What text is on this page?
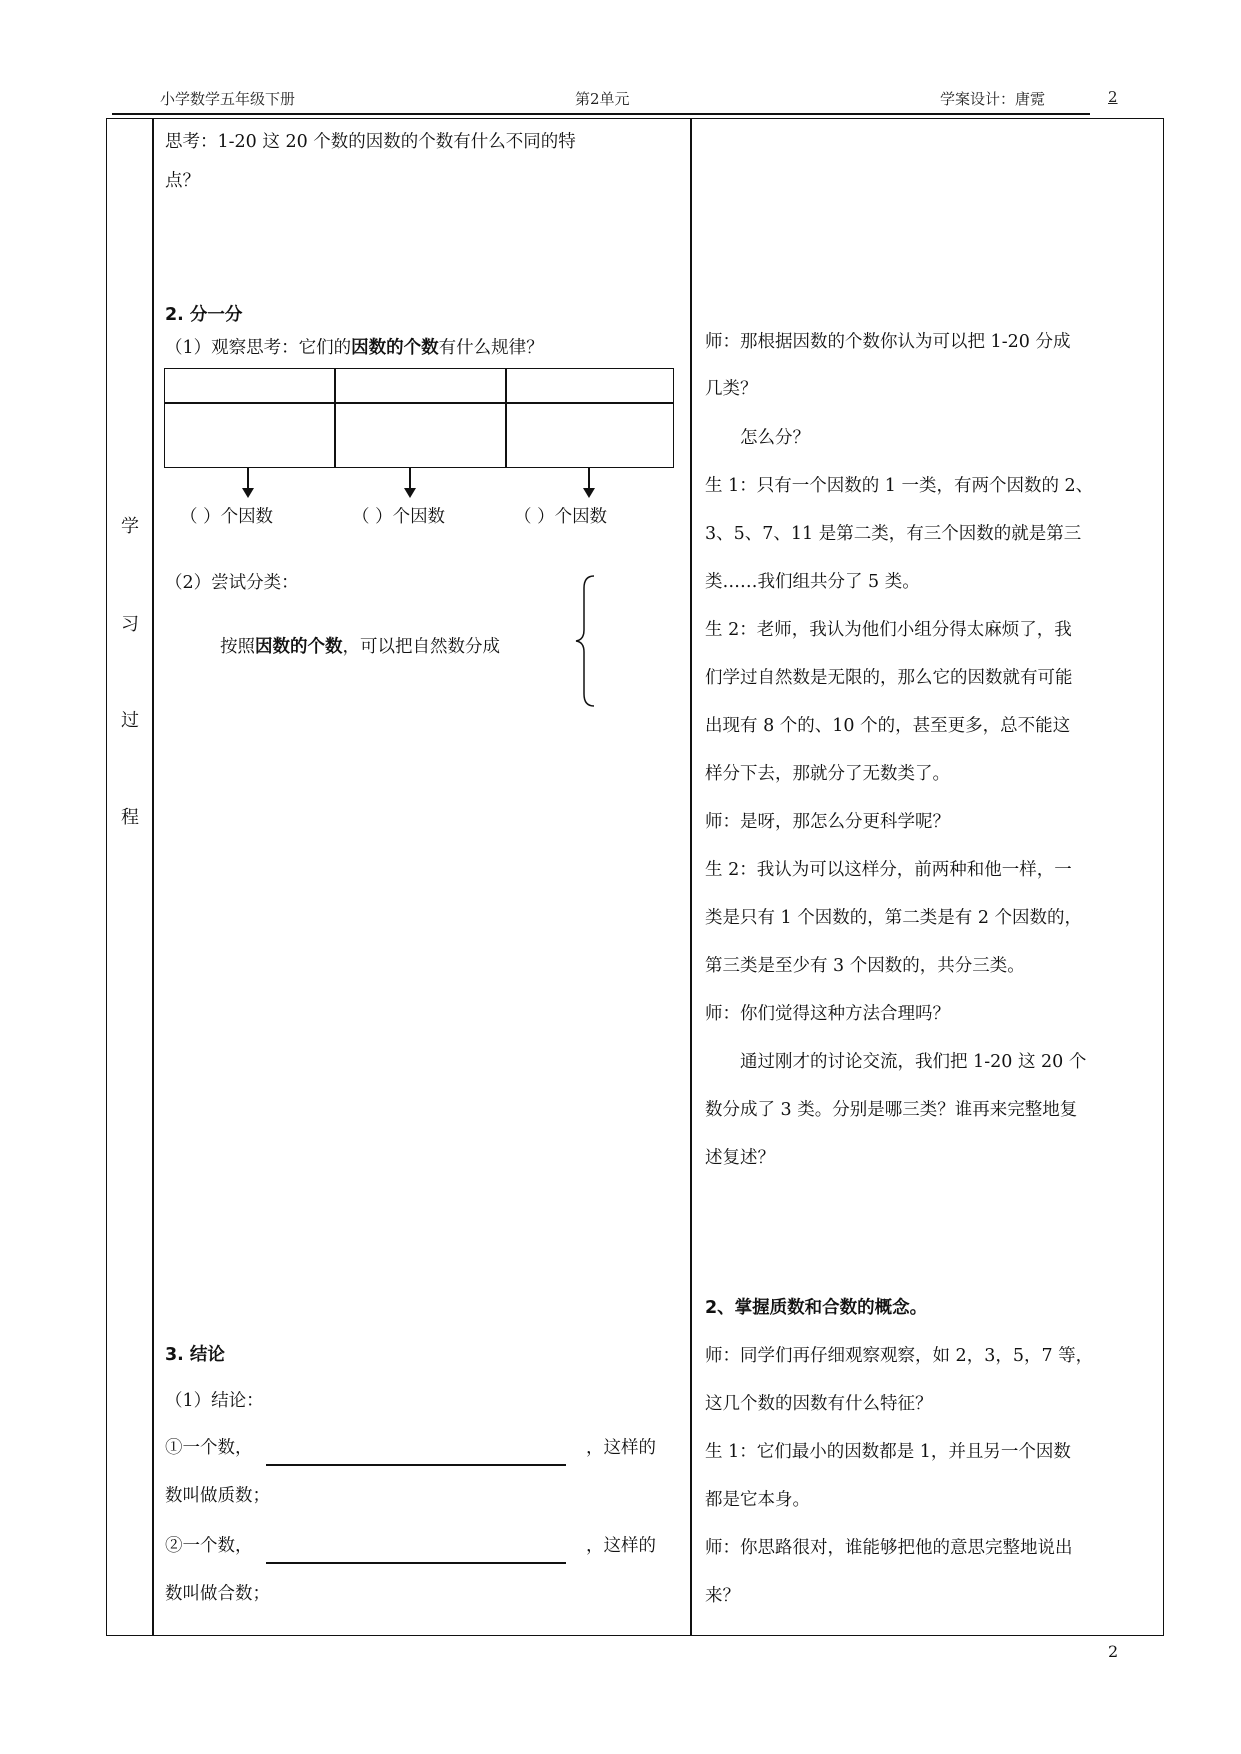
小学数学五年级下册	第2单元	学案设计：唐霓	2
学
习
过
程
思考：1-20 这 20 个数的因数的个数有什么不同的特
点？
2. 分一分
（1）观察思考：它们的因数的个数有什么规律？
（ ）个因数	（ ）个因数	（ ）个因数
（2）尝试分类：
按照因数的个数，可以把自然数分成
3. 结论
（1）结论：
①一个数，	，这样的
数叫做质数；
②一个数，	，这样的
数叫做合数；
师：那根据因数的个数你认为可以把 1-20 分成
几类？
　　怎么分？
生 1：只有一个因数的 1 一类，有两个因数的 2、
3、5、7、11 是第二类，有三个因数的就是第三
类……我们组共分了 5 类。
生 2：老师，我认为他们小组分得太麻烦了，我
们学过自然数是无限的，那么它的因数就有可能
出现有 8 个的、10 个的，甚至更多，总不能这
样分下去，那就分了无数类了。
师：是呀，那怎么分更科学呢？
生 2：我认为可以这样分，前两种和他一样，一
类是只有 1 个因数的，第二类是有 2 个因数的，
第三类是至少有 3 个因数的，共分三类。
师：你们觉得这种方法合理吗？
　　通过刚才的讨论交流，我们把 1-20 这 20 个
数分成了 3 类。分别是哪三类？谁再来完整地复
述复述？
2、掌握质数和合数的概念。
师：同学们再仔细观察观察，如 2，3，5，7 等，
这几个数的因数有什么特征？
生 1：它们最小的因数都是 1，并且另一个因数
都是它本身。
师：你思路很对，谁能够把他的意思完整地说出
来？
2
